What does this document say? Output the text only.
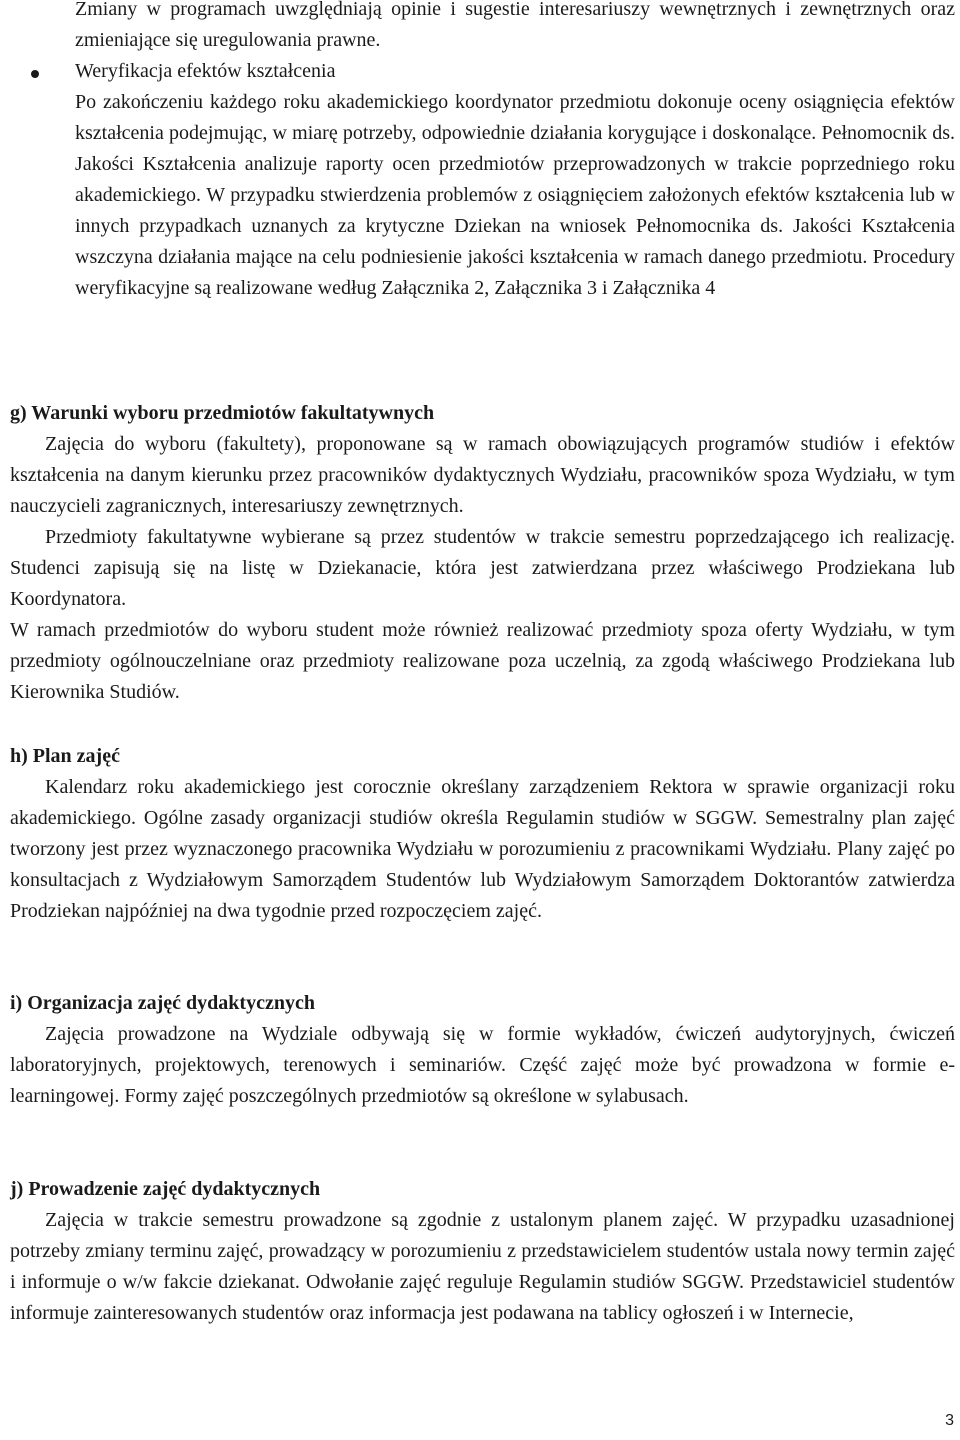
Zmiany w programach uwzględniają opinie i sugestie interesariuszy wewnętrznych i zewnętrznych oraz zmieniające się uregulowania prawne.

Weryfikacja efektów kształcenia

Po zakończeniu każdego roku akademickiego koordynator przedmiotu dokonuje oceny osiągnięcia efektów kształcenia podejmując, w miarę potrzeby, odpowiednie działania korygujące i doskonalące. Pełnomocnik ds. Jakości Kształcenia analizuje raporty ocen przedmiotów przeprowadzonych w trakcie poprzedniego roku akademickiego. W przypadku stwierdzenia problemów z osiągnięciem założonych efektów kształcenia lub w innych przypadkach uznanych za krytyczne Dziekan na wniosek Pełnomocnika ds. Jakości Kształcenia wszczyna działania mające na celu podniesienie jakości kształcenia w ramach danego przedmiotu. Procedury weryfikacyjne są realizowane według Załącznika 2, Załącznika 3 i Załącznika 4

g) Warunki wyboru przedmiotów fakultatywnych

Zajęcia do wyboru (fakultety), proponowane są w ramach obowiązujących programów studiów i efektów kształcenia na danym kierunku przez pracowników dydaktycznych Wydziału, pracowników spoza Wydziału, w tym nauczycieli zagranicznych, interesariuszy zewnętrznych.

Przedmioty fakultatywne wybierane są przez studentów w trakcie semestru poprzedzającego ich realizację. Studenci zapisują się na listę w Dziekanacie, która jest zatwierdzana przez właściwego Prodziekana lub Koordynatora.

W ramach przedmiotów do wyboru student może również realizować przedmioty spoza oferty Wydziału, w tym przedmioty ogólnouczelniane oraz przedmioty realizowane poza uczelnią, za zgodą właściwego Prodziekana lub Kierownika Studiów.

h) Plan zajęć

Kalendarz roku akademickiego jest corocznie określany zarządzeniem Rektora w sprawie organizacji roku akademickiego. Ogólne zasady organizacji studiów określa Regulamin studiów w SGGW. Semestralny plan zajęć tworzony jest przez wyznaczonego pracownika Wydziału w porozumieniu z pracownikami Wydziału. Plany zajęć po konsultacjach z Wydziałowym Samorządem Studentów lub Wydziałowym Samorządem Doktorantów zatwierdza Prodziekan najpóźniej na dwa tygodnie przed rozpoczęciem zajęć.

i) Organizacja zajęć dydaktycznych

Zajęcia prowadzone na Wydziale odbywają się w formie wykładów, ćwiczeń audytoryjnych, ćwiczeń laboratoryjnych, projektowych, terenowych i seminariów. Część zajęć może być prowadzona w formie e-learningowej. Formy zajęć poszczególnych przedmiotów są określone w sylabusach.

j) Prowadzenie zajęć dydaktycznych

Zajęcia w trakcie semestru prowadzone są zgodnie z ustalonym planem zajęć. W przypadku uzasadnionej potrzeby zmiany terminu zajęć, prowadzący w porozumieniu z przedstawicielem studentów ustala nowy termin zajęć i informuje o w/w fakcie dziekanat. Odwołanie zajęć reguluje Regulamin studiów SGGW. Przedstawiciel studentów informuje zainteresowanych studentów oraz informacja jest podawana na tablicy ogłoszeń i w Internecie,

3
